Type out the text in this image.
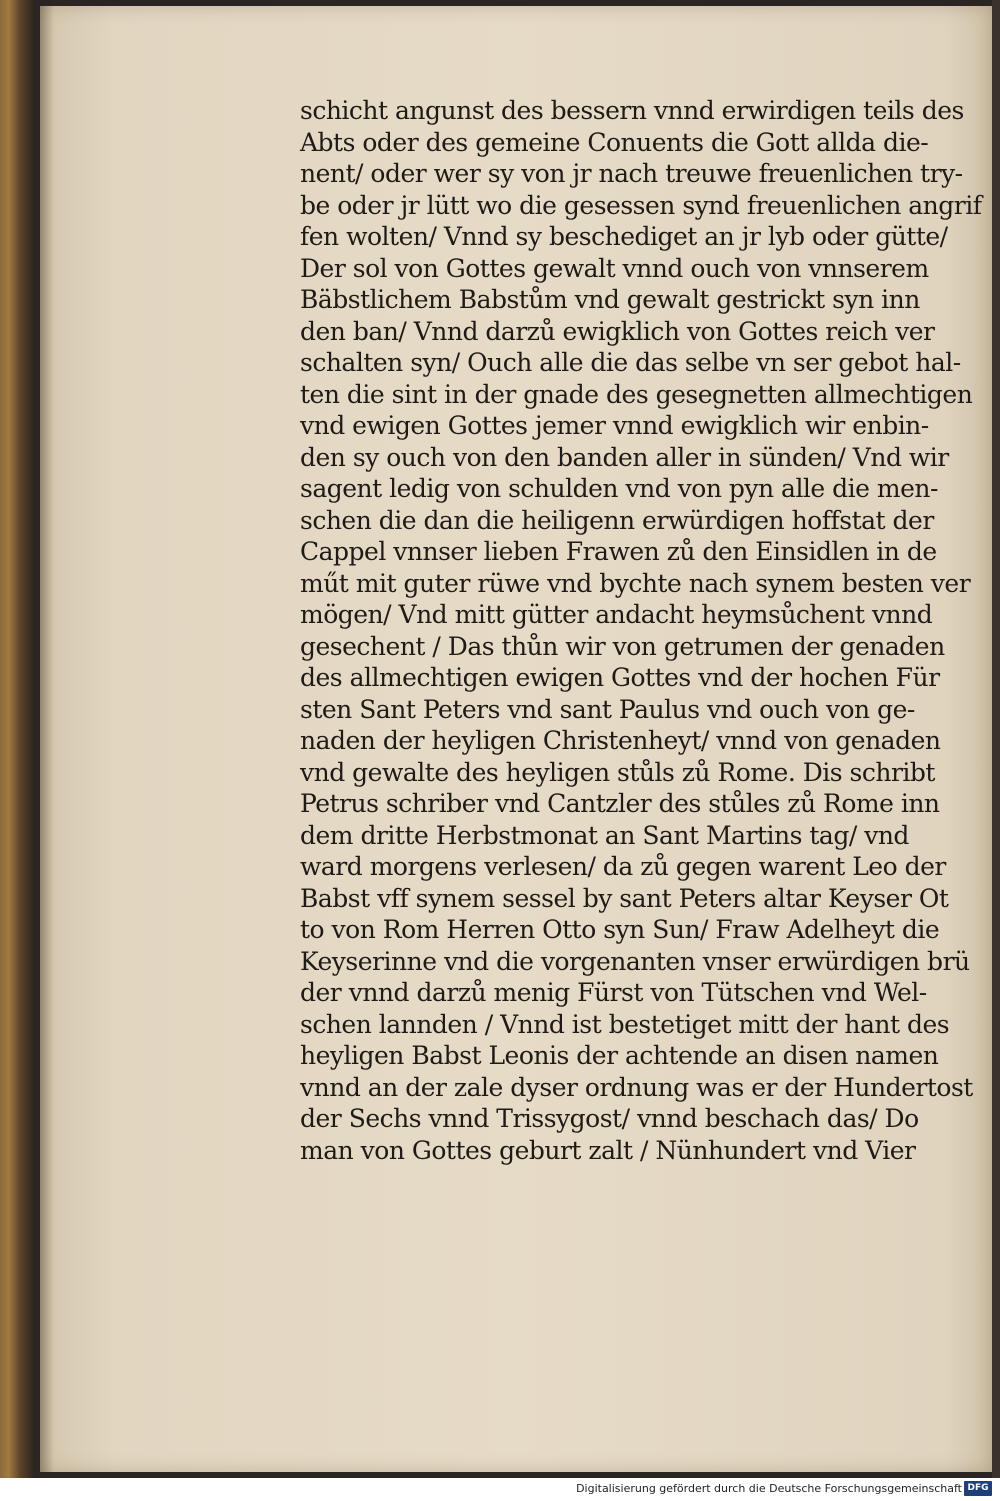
schicht angunst des bessern vnnd erwirdigen teils des
Abts oder des gemeine Conuents die Gott allda die-
nent/ oder wer sy von jr nach treuwe freuenlichen try-
be oder jr lütt wo die gesessen synd freuenlichen angrif
fen wolten/ Vnnd sy beschediget an jr lyb oder gütte/
Der sol von Gottes gewalt vnnd ouch von vnnserem
Bäbstlichem Babstům vnd gewalt gestrickt syn inn
den ban/ Vnnd darzů ewigklich von Gottes reich ver
schalten syn/ Ouch alle die das selbe vn ser gebot hal-
ten die sint in der gnade des gesegnetten allmechtigen
vnd ewigen Gottes jemer vnnd ewigklich wir enbin-
den sy ouch von den banden aller in sünden/ Vnd wir
sagent ledig von schulden vnd von pyn alle die men-
schen die dan die heiligenn erwürdigen hoffstat der
Cappel vnnser lieben Frawen zů den Einsidlen in de
műt mit guter rüwe vnd bychte nach synem besten ver
mögen/ Vnd mitt gütter andacht heymsůchent vnnd
gesechent / Das thůn wir von getrumen der genaden
des allmechtigen ewigen Gottes vnd der hochen Für
sten Sant Peters vnd sant Paulus vnd ouch von ge-
naden der heyligen Christenheyt/ vnnd von genaden
vnd gewalte des heyligen stůls zů Rome. Dis schribt
Petrus schriber vnd Cantzler des stůles zů Rome inn
dem dritte Herbstmonat an Sant Martins tag/ vnd
ward morgens verlesen/ da zů gegen warent Leo der
Babst vff synem sessel by sant Peters altar Keyser Ot
to von Rom Herren Otto syn Sun/ Fraw Adelheyt die
Keyserinne vnd die vorgenanten vnser erwürdigen brü
der vnnd darzů menig Fürst von Tütschen vnd Wel-
schen lannden / Vnnd ist bestetiget mitt der hant des
heyligen Babst Leonis der achtende an disen namen
vnnd an der zale dyser ordnung was er der Hundertost
der Sechs vnnd Trissygost/ vnnd beschach das/ Do
man von Gottes geburt zalt / Nünhundert vnd Vier
Digitalisierung gefördert durch die Deutsche Forschungsgemeinschaft DFG
